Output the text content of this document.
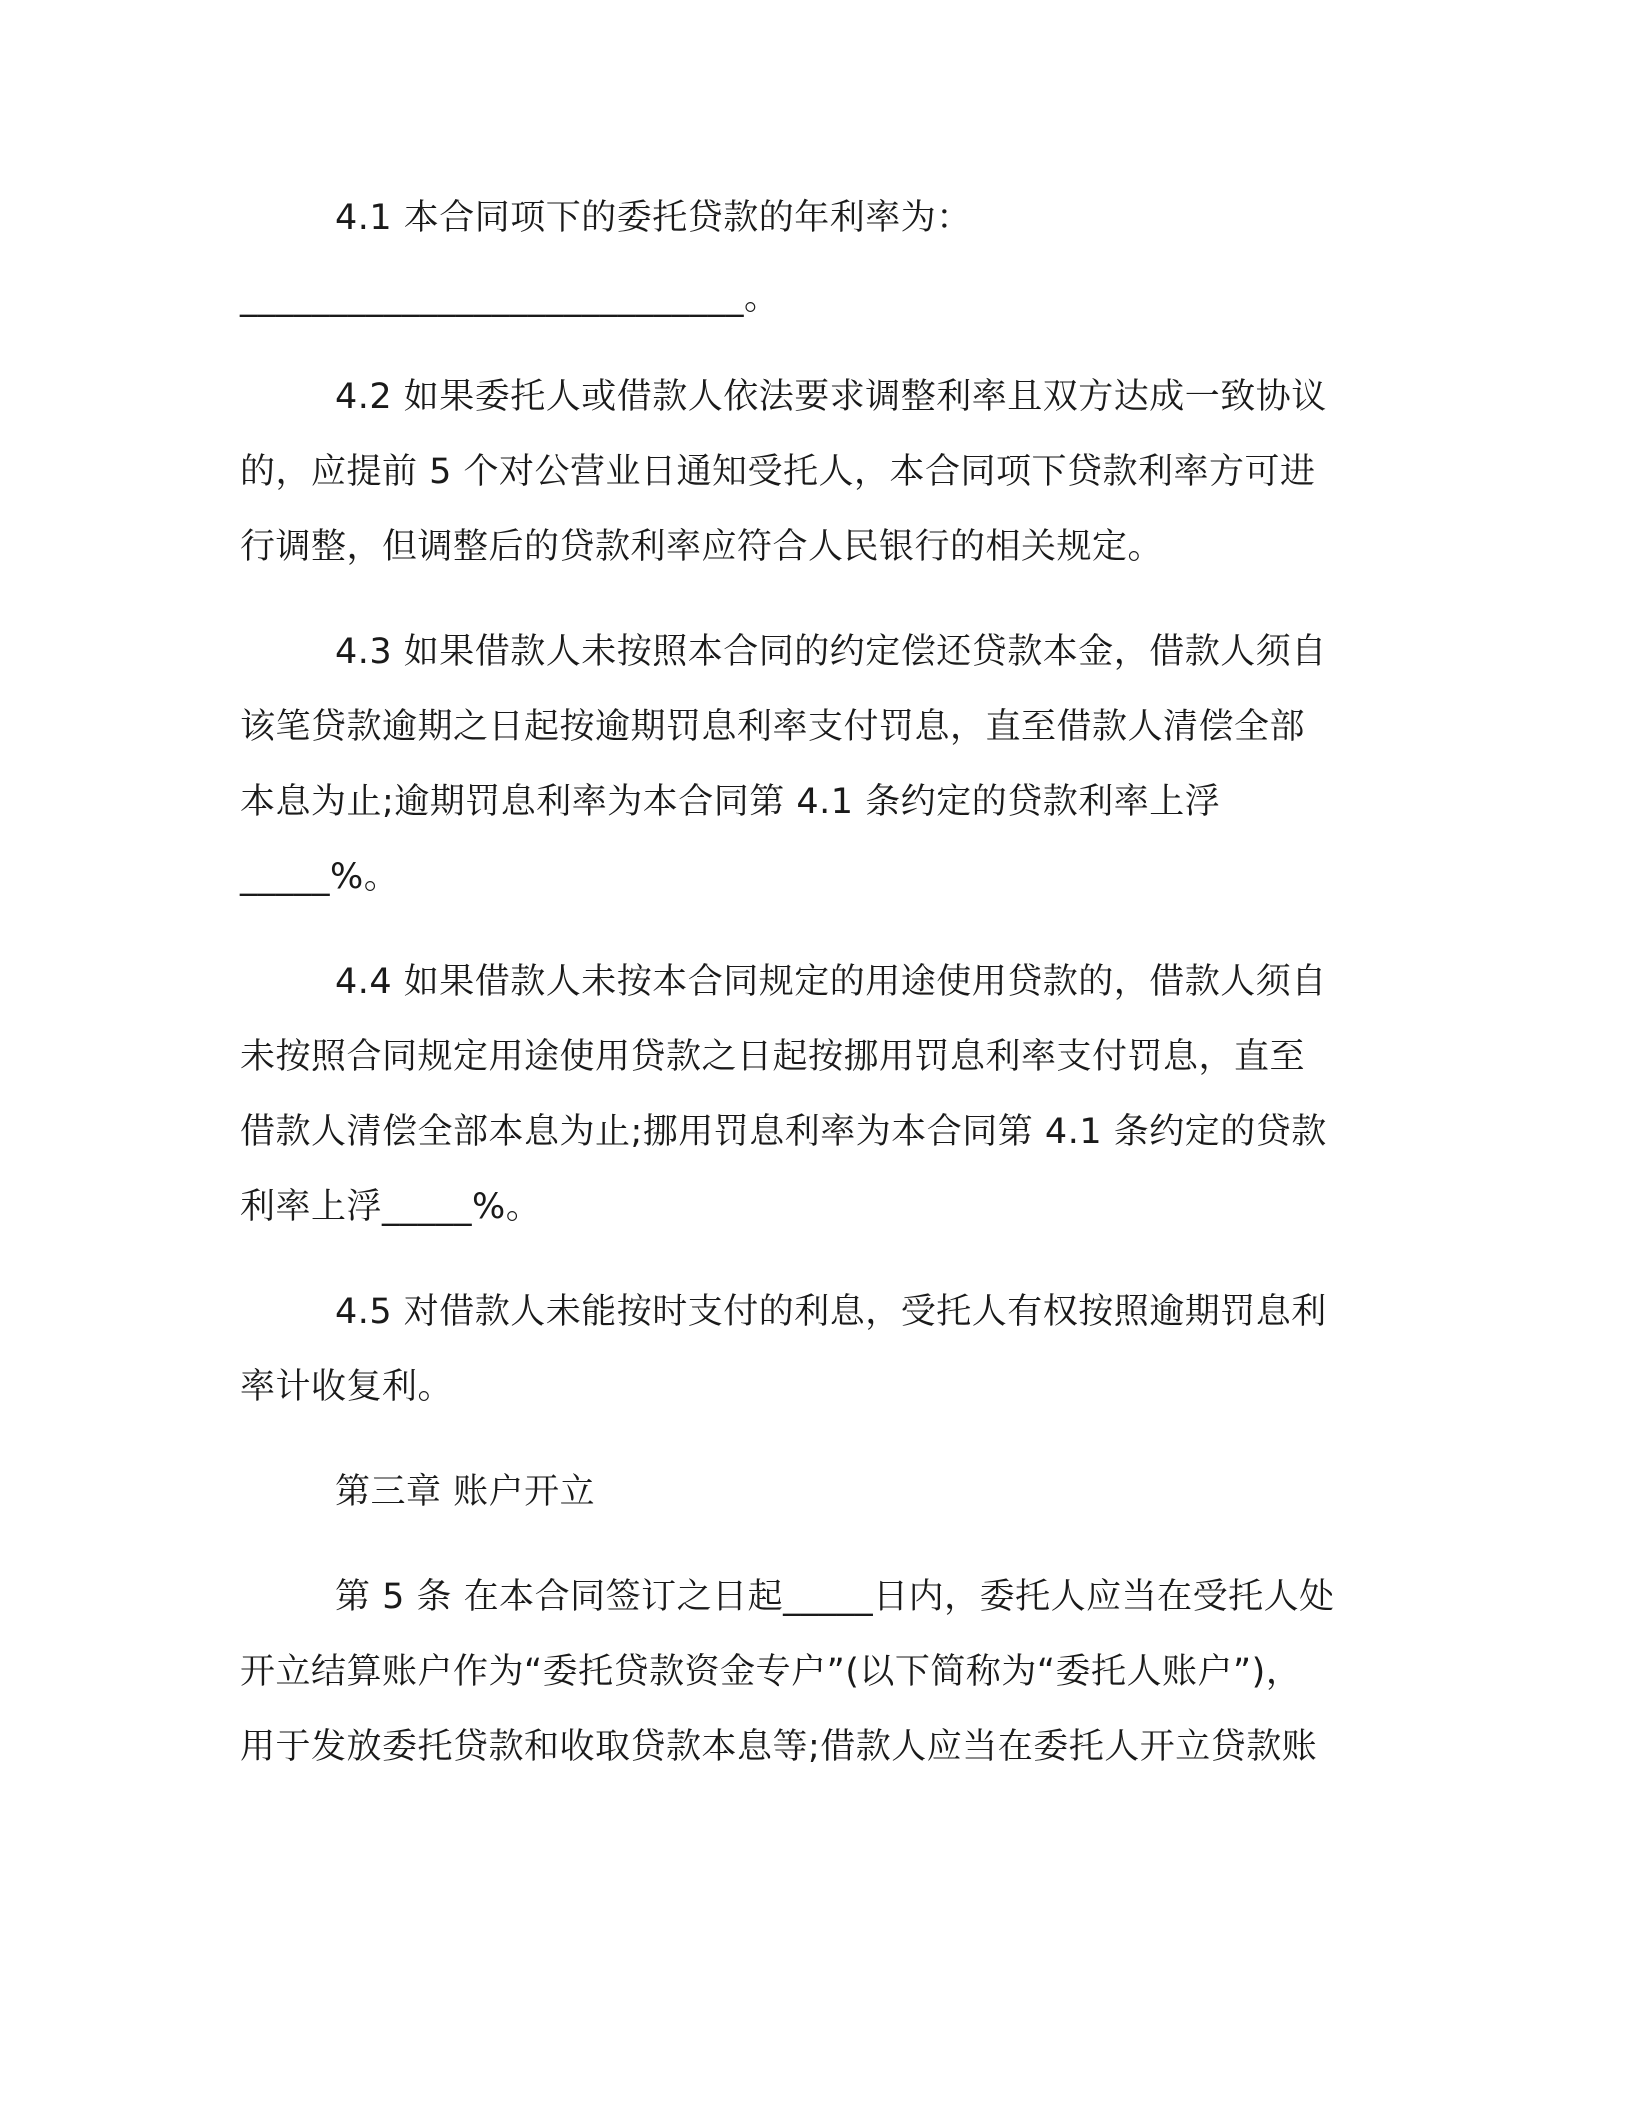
4.1 本合同项下的委托贷款的年利率为：
____________________________。
4.2 如果委托人或借款人依法要求调整利率且双方达成一致协议
的，应提前 5 个对公营业日通知受托人，本合同项下贷款利率方可进
行调整，但调整后的贷款利率应符合人民银行的相关规定。
4.3 如果借款人未按照本合同的约定偿还贷款本金，借款人须自
该笔贷款逾期之日起按逾期罚息利率支付罚息，直至借款人清偿全部
本息为止;逾期罚息利率为本合同第 4.1 条约定的贷款利率上浮
_____%。
4.4 如果借款人未按本合同规定的用途使用贷款的，借款人须自
未按照合同规定用途使用贷款之日起按挪用罚息利率支付罚息，直至
借款人清偿全部本息为止;挪用罚息利率为本合同第 4.1 条约定的贷款
利率上浮_____%。
4.5 对借款人未能按时支付的利息，受托人有权按照逾期罚息利
率计收复利。
第三章 账户开立
第 5 条 在本合同签订之日起_____日内，委托人应当在受托人处
开立结算账户作为“委托贷款资金专户”(以下简称为“委托人账户”)，
用于发放委托贷款和收取贷款本息等;借款人应当在委托人开立贷款账
